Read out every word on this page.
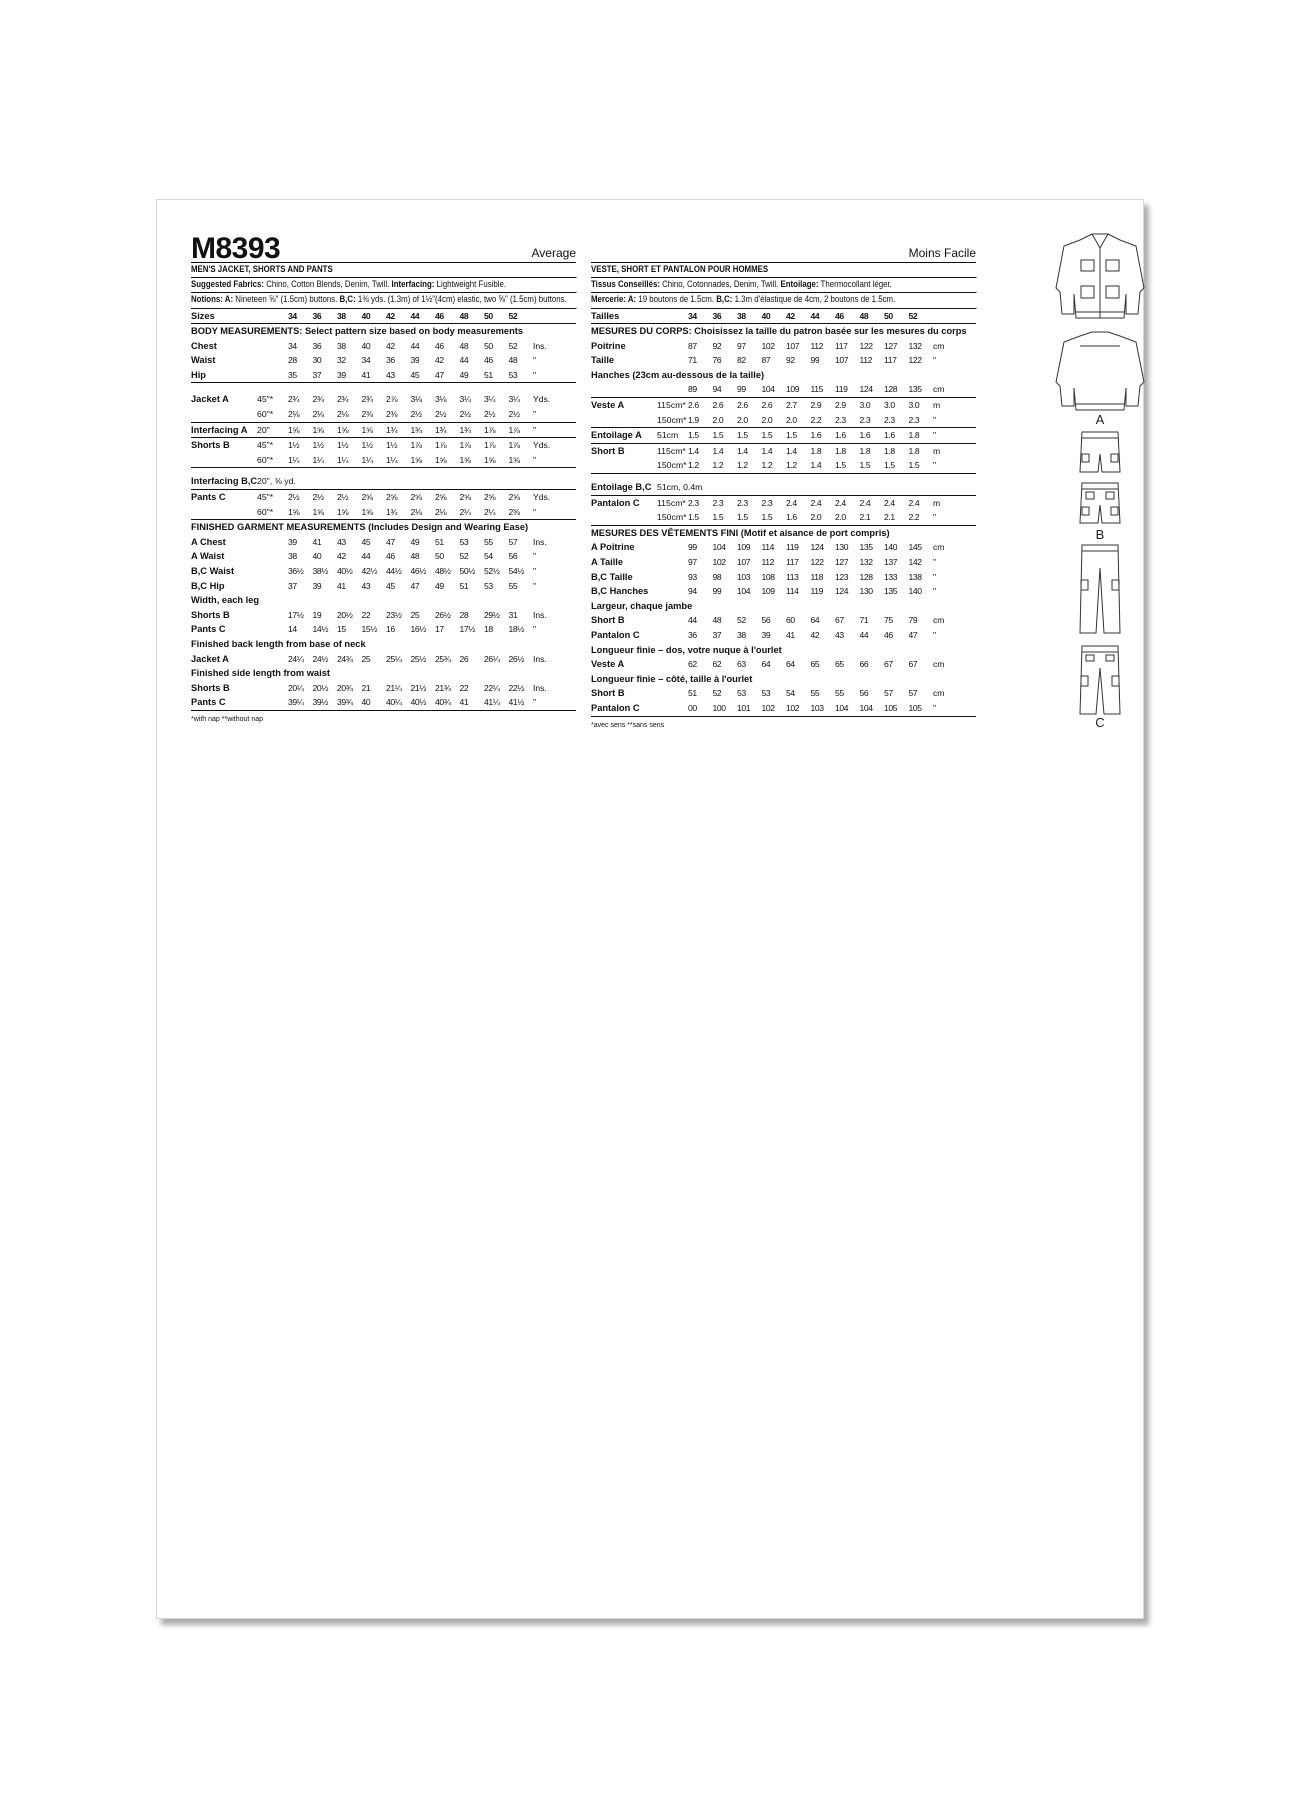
M8393	Average
MEN'S JACKET, SHORTS AND PANTS
Suggested Fabrics: Chino, Cotton Blends, Denim, Twill. Interfacing: Lightweight Fusible.
Notions: A: Nineteen ⅝" (1.5cm) buttons. B,C: 1⅜ yds. (1.3m) of 1½"(4cm) elastic, two ⅝" (1.5cm) buttons.
Sizes		34	36	38	40	42	44	46	48	50	52	
BODY MEASUREMENTS: Select pattern size based on body measurements												
Chest		34	36	38	40	42	44	46	48	50	52	Ins.
Waist		28	30	32	34	36	39	42	44	46	48	"
Hip		35	37	39	41	43	45	47	49	51	53	"

Jacket A	45"*	2¾	2¾	2¾	2¾	2⅞	3⅛	3⅛	3¼	3¼	3¼	Yds.
	60"*	2⅛	2⅛	2⅛	2⅜	2⅜	2½	2½	2½	2½	2½	"
Interfacing A	20"	1⅝	1⅝	1⅝	1⅝	1¾	1¾	1¾	1¾	1⅞	1⅞	"
Shorts B	45"*	1½	1½	1½	1½	1½	1⅞	1⅞	1⅞	1⅞	1⅞	Yds.
	60"*	1¼	1¼	1¼	1¼	1¼	1⅝	1⅝	1⅝	1⅝	1⅝	"

Interfacing B,C	20", ⅜ yd.											
Pants C	45"*	2½	2½	2½	2⅝	2⅝	2⅝	2⅝	2⅝	2⅝	2⅝	Yds.
	60"*	1⅝	1⅝	1⅝	1⅝	1¾	2⅛	2⅛	2¼	2¼	2⅜	"
FINISHED GARMENT MEASUREMENTS (Includes Design and Wearing Ease)												
A Chest		39	41	43	45	47	49	51	53	55	57	Ins.
A Waist		38	40	42	44	46	48	50	52	54	56	"
B,C Waist		36½	38½	40½	42½	44½	46½	48½	50½	52½	54½	"
B,C Hip		37	39	41	43	45	47	49	51	53	55	"
Width, each leg												
Shorts B		17½	19	20½	22	23½	25	26½	28	29½	31	Ins.
Pants C		14	14½	15	15½	16	16½	17	17½	18	18½	"
Finished back length from base of neck												
Jacket A		24¼	24½	24¾	25	25¼	25½	25¾	26	26¼	26½	Ins.
Finished side length from waist												
Shorts B		20¼	20½	20¾	21	21¼	21½	21¾	22	22¼	22½	Ins.
Pants C		39¼	39½	39¾	40	40¼	40½	40¾	41	41¼	41½	"
*with nap **without nap
Moins Facile
VESTE, SHORT ET PANTALON POUR HOMMES
Tissus Conseillés: Chino, Cotonnades, Denim, Twill. Entoilage: Thermocollant léger.
Mercerie: A: 19 boutons de 1.5cm. B,C: 1.3m d'élastique de 4cm, 2 boutons de 1.5cm.
Tailles		34	36	38	40	42	44	46	48	50	52	
MESURES DU CORPS: Choisissez la taille du patron basée sur les mesures du corps												
Poitrine		87	92	97	102	107	112	117	122	127	132	cm
Taille		71	76	82	87	92	99	107	112	117	122	"
Hanches (23cm au-dessous de la taille)												
		89	94	99	104	109	115	119	124	128	135	cm
Veste A	115cm*	2.6	2.6	2.6	2.6	2.7	2.9	2.9	3.0	3.0	3.0	m
	150cm*	1.9	2.0	2.0	2.0	2.0	2.2	2.3	2.3	2.3	2.3	"
Entoilage A	51cm	1.5	1.5	1.5	1.5	1.5	1.6	1.6	1.6	1.6	1.8	"
Short B	115cm*	1.4	1.4	1.4	1.4	1.4	1.8	1.8	1.8	1.8	1.8	m
	150cm*	1.2	1.2	1.2	1.2	1.2	1.4	1.5	1.5	1.5	1.5	"

Entoilage B,C	51cm, 0.4m											
Pantalon C	115cm*	2.3	2.3	2.3	2.3	2.4	2.4	2.4	2.4	2.4	2.4	m
	150cm*	1.5	1.5	1.5	1.5	1.6	2.0	2.0	2.1	2.1	2.2	"
MESURES DES VÊTEMENTS FINI (Motif et aisance de port compris)												
A Poitrine		99	104	109	114	119	124	130	135	140	145	cm
A Taille		97	102	107	112	117	122	127	132	137	142	"
B,C Taille		93	98	103	108	113	118	123	128	133	138	"
B,C Hanches		94	99	104	109	114	119	124	130	135	140	"
Largeur, chaque jambe												
Short B		44	48	52	56	60	64	67	71	75	79	cm
Pantalon C		36	37	38	39	41	42	43	44	46	47	"
Longueur finie – dos, votre nuque à l'ourlet												
Veste A		62	62	63	64	64	65	65	66	67	67	cm
Longueur finie – côté, taille à l'ourlet												
Short B		51	52	53	53	54	55	55	56	57	57	cm
Pantalon C		00	100	101	102	102	103	104	104	105	105	"
*avec sens **sans sens
A
B
C
